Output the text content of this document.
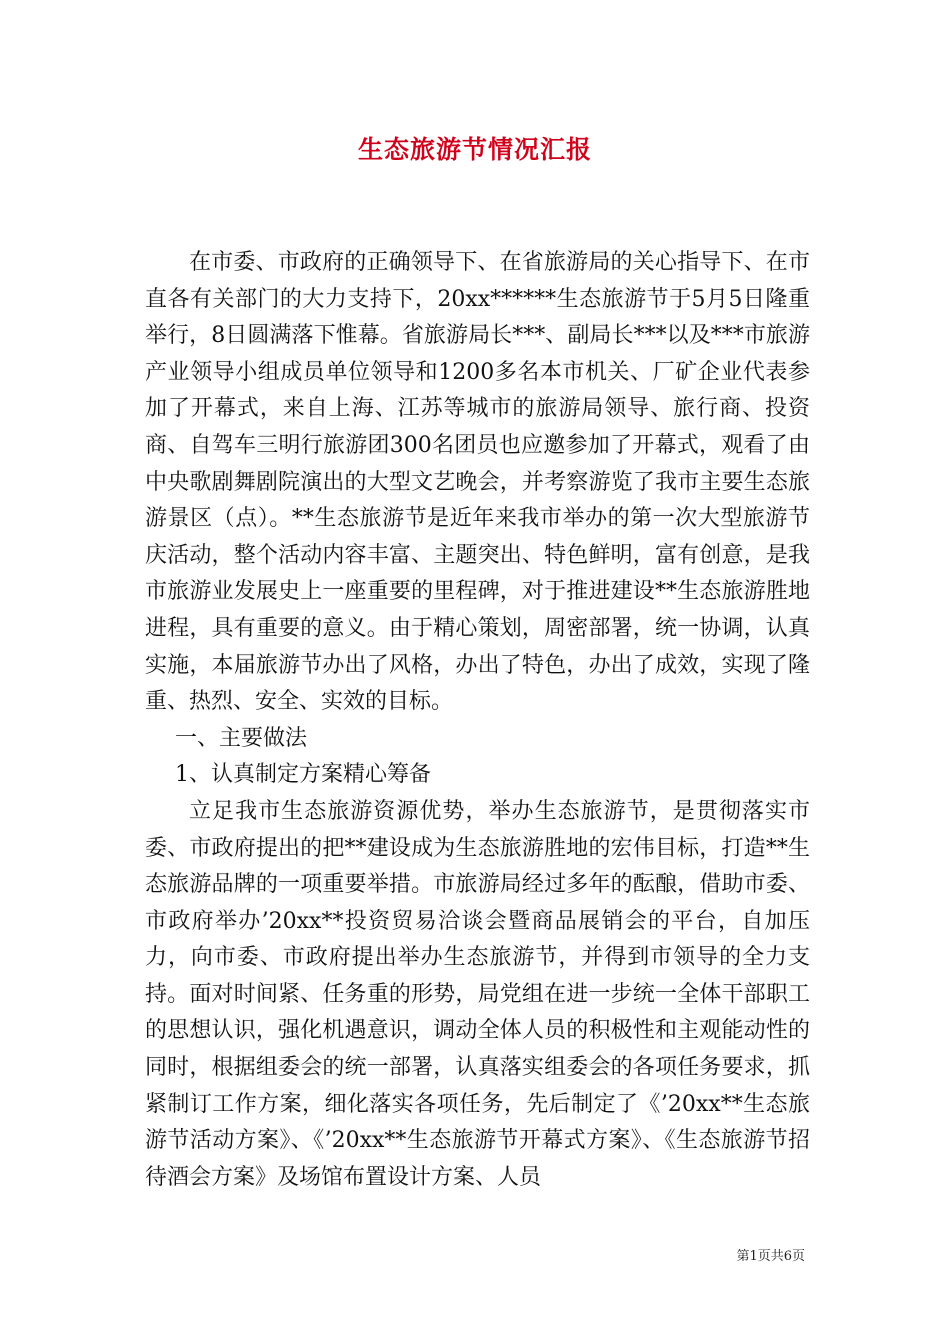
生态旅游节情况汇报

在市委、市政府的正确领导下、在省旅游局的关心指导下、在市直各有关部门的大力支持下，20xx******生态旅游节于5月5日隆重举行，8日圆满落下惟幕。省旅游局长***、副局长***以及***市旅游产业领导小组成员单位领导和1200多名本市机关、厂矿企业代表参加了开幕式，来自上海、江苏等城市的旅游局领导、旅行商、投资商、自驾车三明行旅游团300名团员也应邀参加了开幕式，观看了由中央歌剧舞剧院演出的大型文艺晚会，并考察游览了我市主要生态旅游景区（点）。**生态旅游节是近年来我市举办的第一次大型旅游节庆活动，整个活动内容丰富、主题突出、特色鲜明，富有创意，是我市旅游业发展史上一座重要的里程碑，对于推进建设**生态旅游胜地进程，具有重要的意义。由于精心策划，周密部署，统一协调，认真实施，本届旅游节办出了风格，办出了特色，办出了成效，实现了隆重、热烈、安全、实效的目标。

一、主要做法

1、认真制定方案精心筹备

立足我市生态旅游资源优势，举办生态旅游节，是贯彻落实市委、市政府提出的把**建设成为生态旅游胜地的宏伟目标，打造**生态旅游品牌的一项重要举措。市旅游局经过多年的酝酿，借助市委、市政府举办’20xx**投资贸易洽谈会暨商品展销会的平台，自加压力，向市委、市政府提出举办生态旅游节，并得到市领导的全力支持。面对时间紧、任务重的形势，局党组在进一步统一全体干部职工的思想认识，强化机遇意识，调动全体人员的积极性和主观能动性的同时，根据组委会的统一部署，认真落实组委会的各项任务要求，抓紧制订工作方案，细化落实各项任务，先后制定了《’20xx**生态旅游节活动方案》、《’20xx**生态旅游节开幕式方案》、《生态旅游节招待酒会方案》及场馆布置设计方案、人员

第1页共6页
